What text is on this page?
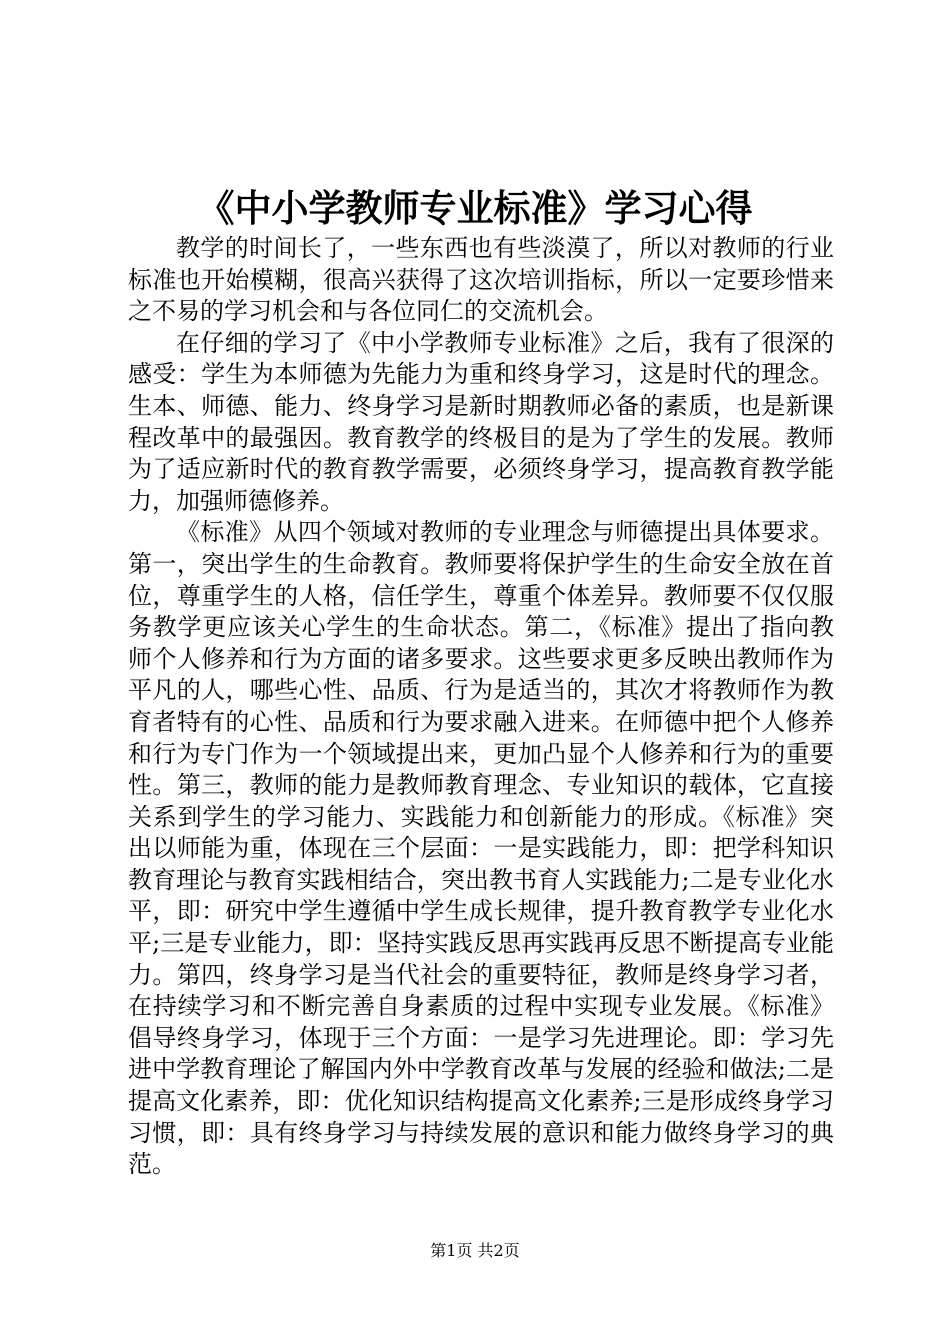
《中小学教师专业标准》学习心得

教学的时间长了，一些东西也有些淡漠了，所以对教师的行业标准也开始模糊，很高兴获得了这次培训指标，所以一定要珍惜来之不易的学习机会和与各位同仁的交流机会。

在仔细的学习了《中小学教师专业标准》之后，我有了很深的感受：学生为本师德为先能力为重和终身学习，这是时代的理念。生本、师德、能力、终身学习是新时期教师必备的素质，也是新课程改革中的最强因。教育教学的终极目的是为了学生的发展。教师为了适应新时代的教育教学需要，必须终身学习，提高教育教学能力，加强师德修养。

《标准》从四个领域对教师的专业理念与师德提出具体要求。第一，突出学生的生命教育。教师要将保护学生的生命安全放在首位，尊重学生的人格，信任学生，尊重个体差异。教师要不仅仅服务教学更应该关心学生的生命状态。第二，《标准》提出了指向教师个人修养和行为方面的诸多要求。这些要求更多反映出教师作为平凡的人，哪些心性、品质、行为是适当的，其次才将教师作为教育者特有的心性、品质和行为要求融入进来。在师德中把个人修养和行为专门作为一个领域提出来，更加凸显个人修养和行为的重要性。第三，教师的能力是教师教育理念、专业知识的载体，它直接关系到学生的学习能力、实践能力和创新能力的形成。《标准》突出以师能为重，体现在三个层面：一是实践能力，即：把学科知识教育理论与教育实践相结合，突出教书育人实践能力;二是专业化水平，即：研究中学生遵循中学生成长规律，提升教育教学专业化水平;三是专业能力，即：坚持实践反思再实践再反思不断提高专业能力。第四，终身学习是当代社会的重要特征，教师是终身学习者，在持续学习和不断完善自身素质的过程中实现专业发展。《标准》倡导终身学习，体现于三个方面：一是学习先进理论。即：学习先进中学教育理论了解国内外中学教育改革与发展的经验和做法;二是提高文化素养，即：优化知识结构提高文化素养;三是形成终身学习习惯，即：具有终身学习与持续发展的意识和能力做终身学习的典范。

第1页 共2页
